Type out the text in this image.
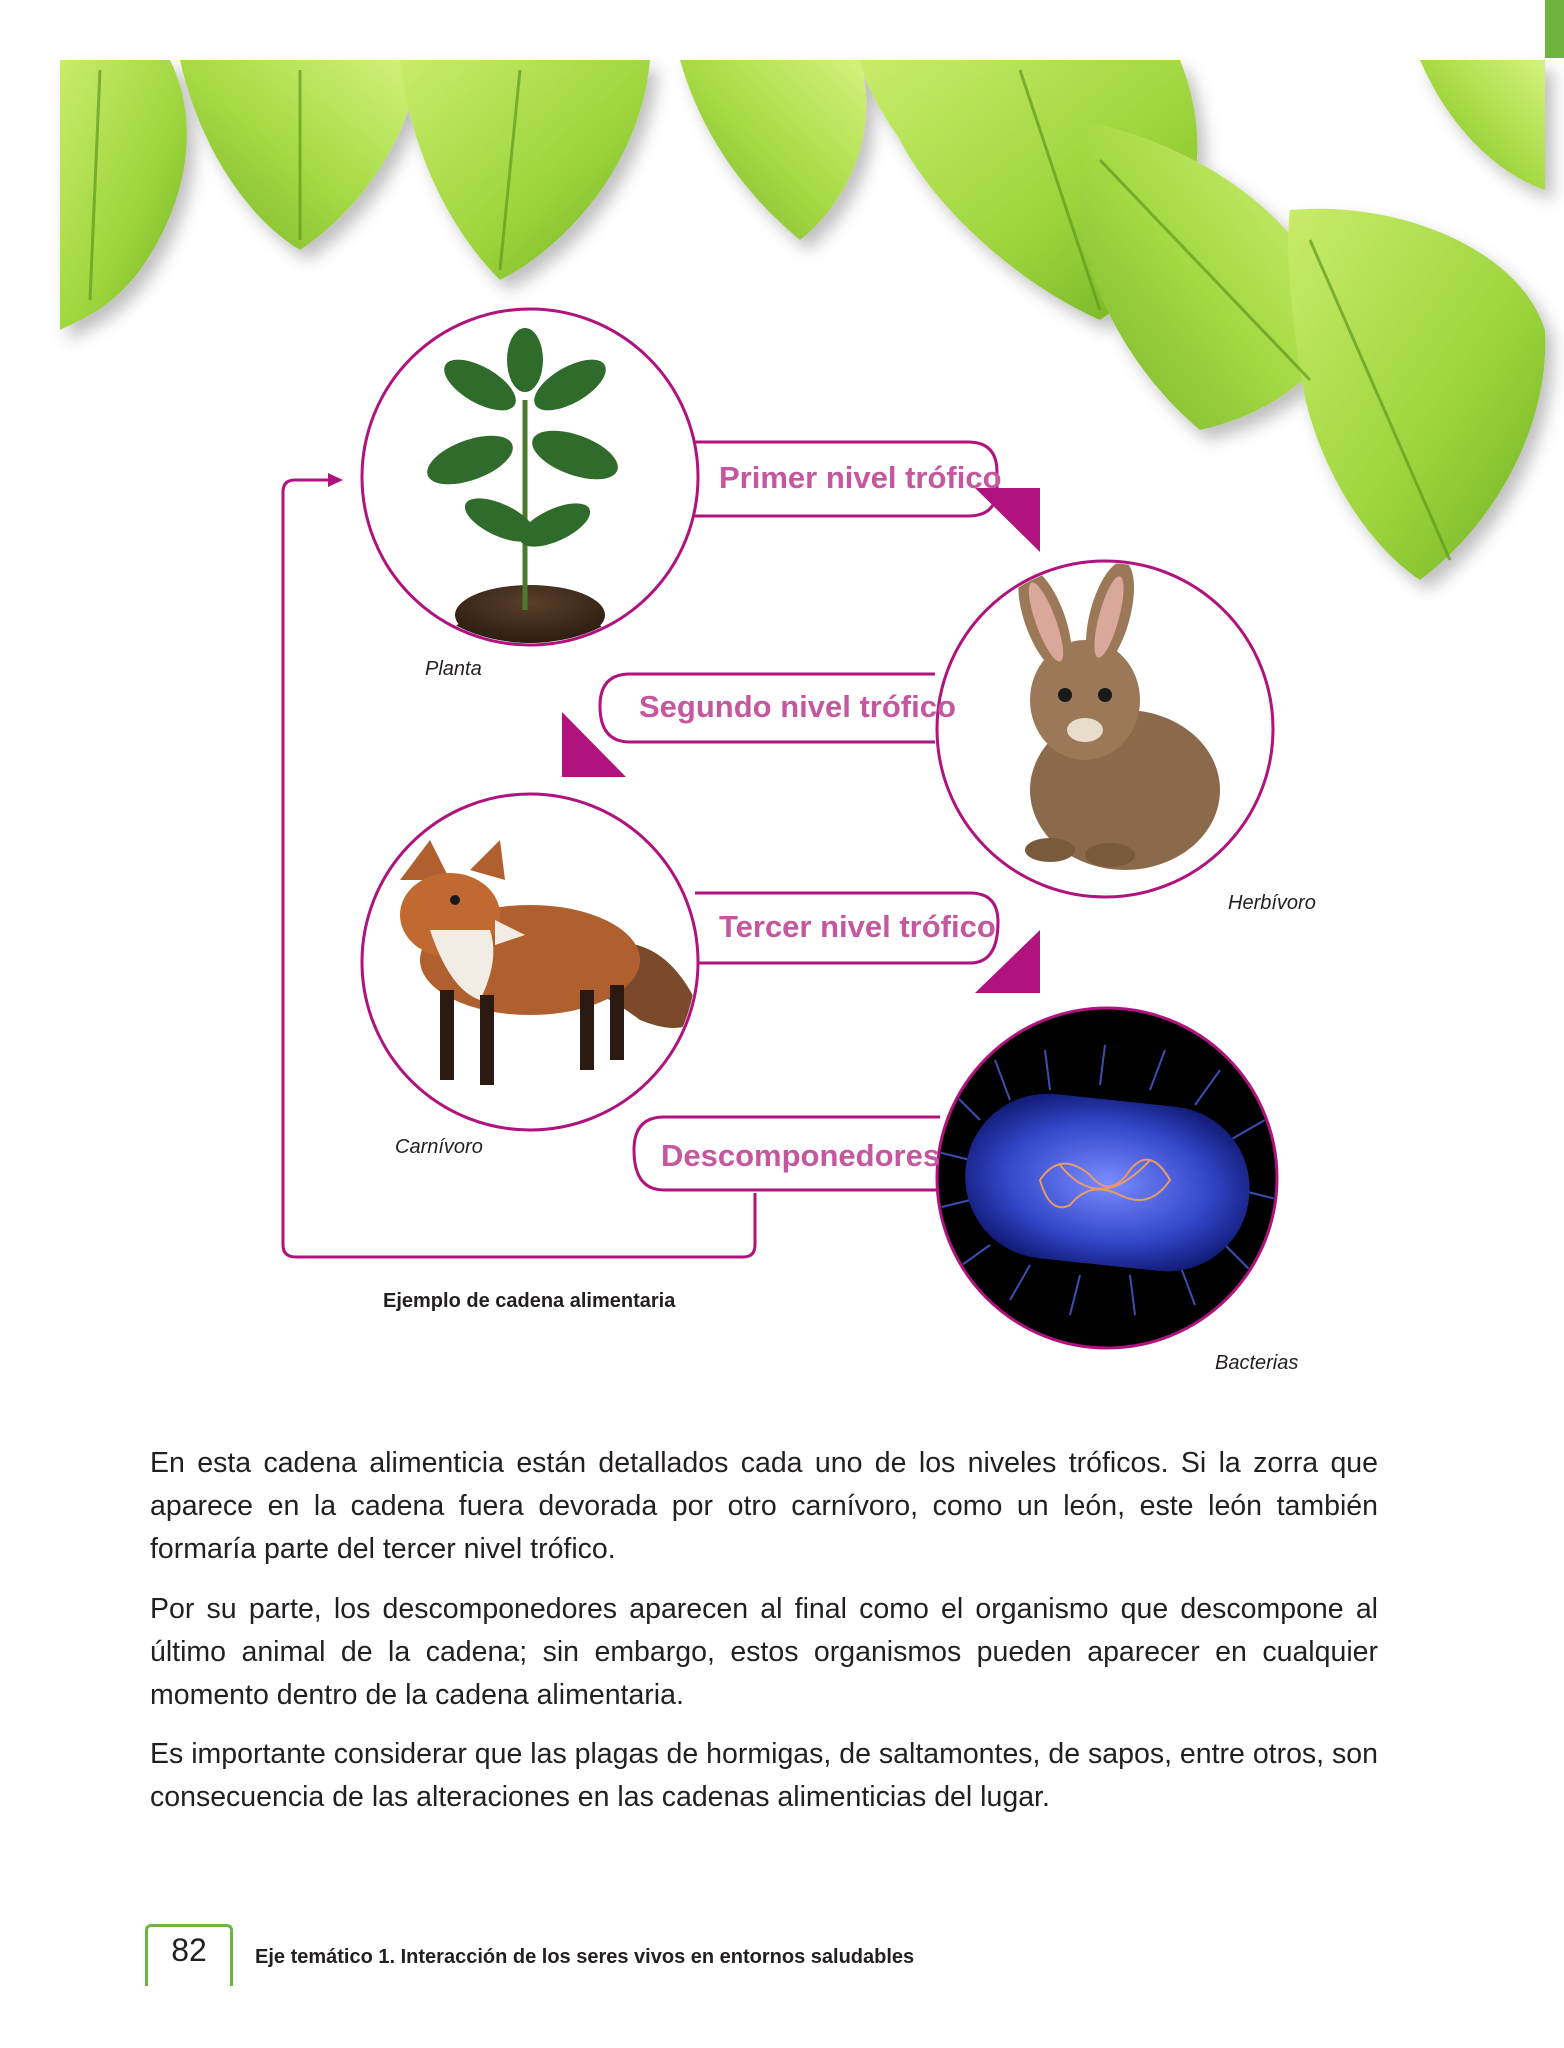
Primer nivel trófico
Segundo nivel trófico
Tercer nivel trófico
Descomponedores
Planta
Herbívoro
Carnívoro
Bacterias
Ejemplo de cadena alimentaria

En esta cadena alimenticia están detallados cada uno de los niveles tróficos. Si la zorra que aparece en la cadena fuera devorada por otro carnívoro, como un león, este león también formaría parte del tercer nivel trófico.

Por su parte, los descomponedores aparecen al final como el organismo que descompone al último animal de la cadena; sin embargo, estos organismos pueden aparecer en cualquier momento dentro de la cadena alimentaria.

Es importante considerar que las plagas de hormigas, de saltamontes, de sapos, entre otros, son consecuencia de las alteraciones en las cadenas alimenticias del lugar.

82	Eje temático 1. Interacción de los seres vivos en entornos saludables
